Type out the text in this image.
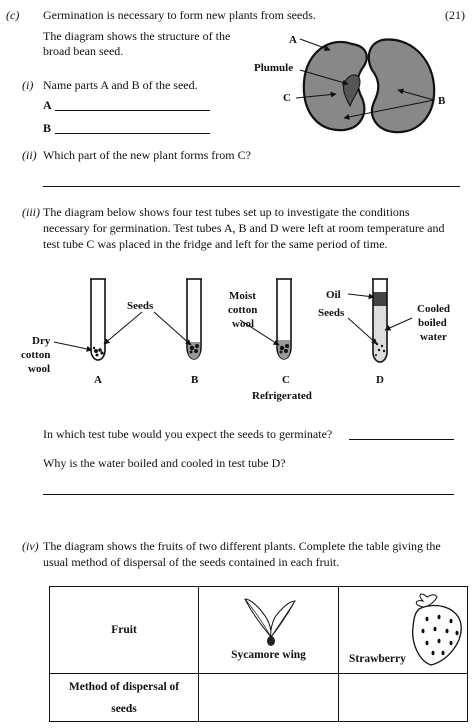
(c) Germination is necessary to form new plants from seeds.	(21)
The diagram shows the structure of the
broad bean seed.
(i) Name parts A and B of the seed.
A
B
(ii) Which part of the new plant forms from C?
(iii) The diagram below shows four test tubes set up to investigate the conditions
necessary for germination. Test tubes A, B and D were left at room temperature and
test tube C was placed in the fridge and left for the same period of time.
In which test tube would you expect the seeds to germinate?
Why is the water boiled and cooled in test tube D?
(iv) The diagram shows the fruits of two different plants. Complete the table giving the
usual method of dispersal of the seeds contained in each fruit.
A
Plumule
C	B
Seeds
Dry
cotton
wool
Moist
cotton
wool
Oil
Seeds	Cooled
boiled
water
A	B	C	D
Refrigerated
Fruit	Sycamore wing	Strawberry

Method of dispersal of
seeds		
